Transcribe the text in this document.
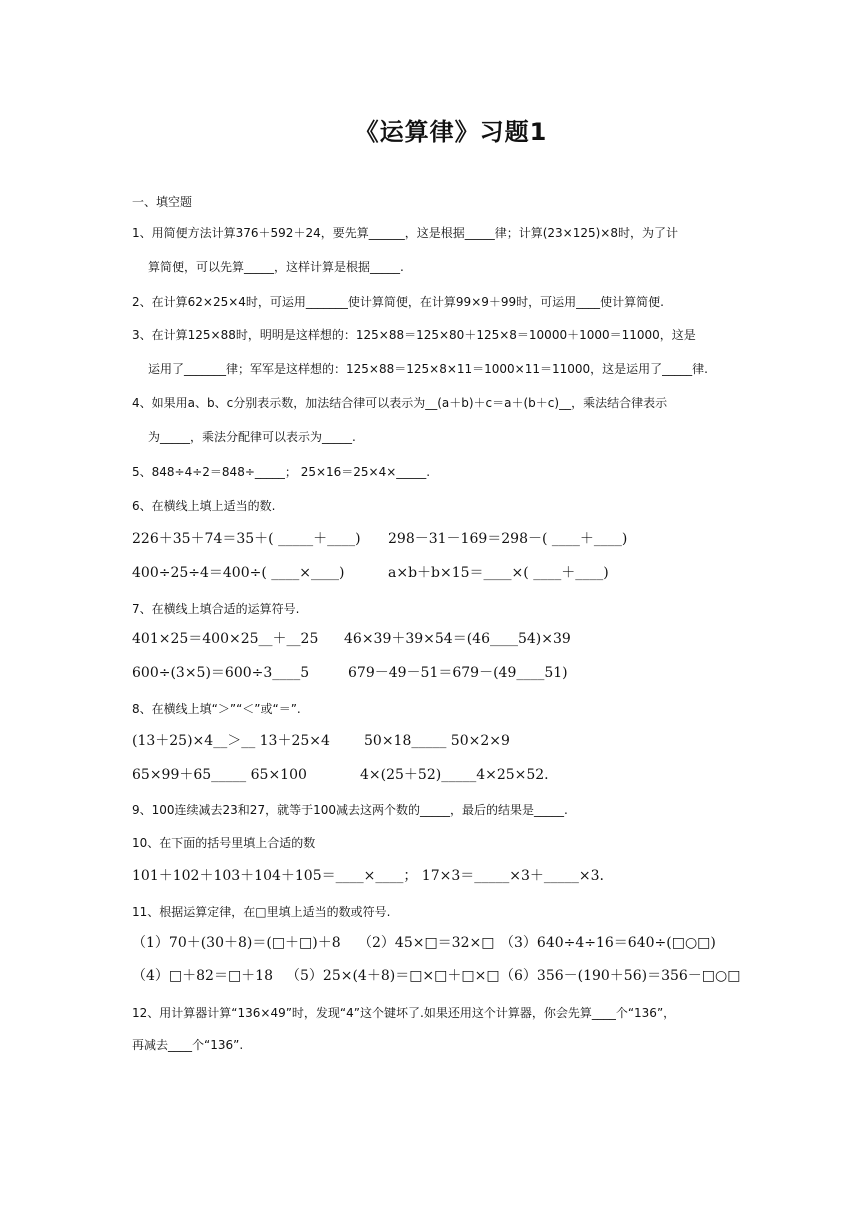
《运算律》习题1
一、填空题
1、用简便方法计算376＋592＋24，要先算______，这是根据_____律；计算(23×125)×8时，为了计
算简便，可以先算_____，这样计算是根据_____.
2、在计算62×25×4时，可运用_______使计算简便，在计算99×9＋99时，可运用____使计算简便.
3、在计算125×88时，明明是这样想的：125×88＝125×80＋125×8＝10000＋1000＝11000，这是
运用了_______律；军军是这样想的：125×88＝125×8×11＝1000×11＝11000，这是运用了_____律.
4、如果用a、b、c分别表示数，加法结合律可以表示为__(a＋b)＋c＝a＋(b＋c)__，乘法结合律表示
为_____，乘法分配律可以表示为_____.
5、848÷4÷2＝848÷_____； 25×16＝25×4×_____.
6、在横线上填上适当的数.
226＋35＋74＝35＋( _____＋____) 298－31－169＝298－( ____＋____)
400÷25÷4＝400÷( ____×____)	a×b＋b×15＝____×( ____＋____)
7、在横线上填合适的运算符号.
401×25＝400×25__＋__25 46×39＋39×54＝(46____54)×39
600÷(3×5)＝600÷3____5	679－49－51＝679－(49____51)
8、在横线上填“＞”“＜”或“＝”.
(13＋25)×4__＞__ 13＋25×4 50×18_____ 50×2×9
65×99＋65_____ 65×100	4×(25＋52)_____4×25×52.
9、100连续减去23和27，就等于100减去这两个数的_____，最后的结果是_____.
10、在下面的括号里填上合适的数
101＋102＋103＋104＋105＝____×____； 17×3＝_____×3＋_____×3.
11、根据运算定律，在□里填上适当的数或符号.
（1）70＋(30＋8)＝(□＋□)＋8 （2）45×□＝32×□ （3）640÷4÷16＝640÷(□○□)
（4）□＋82＝□＋18 （5）25×(4＋8)＝□×□＋□×□ （6）356－(190＋56)＝356－□○□
12、用计算器计算“136×49”时，发现“4”这个键坏了.如果还用这个计算器，你会先算____个“136”，
再减去____个“136”.
